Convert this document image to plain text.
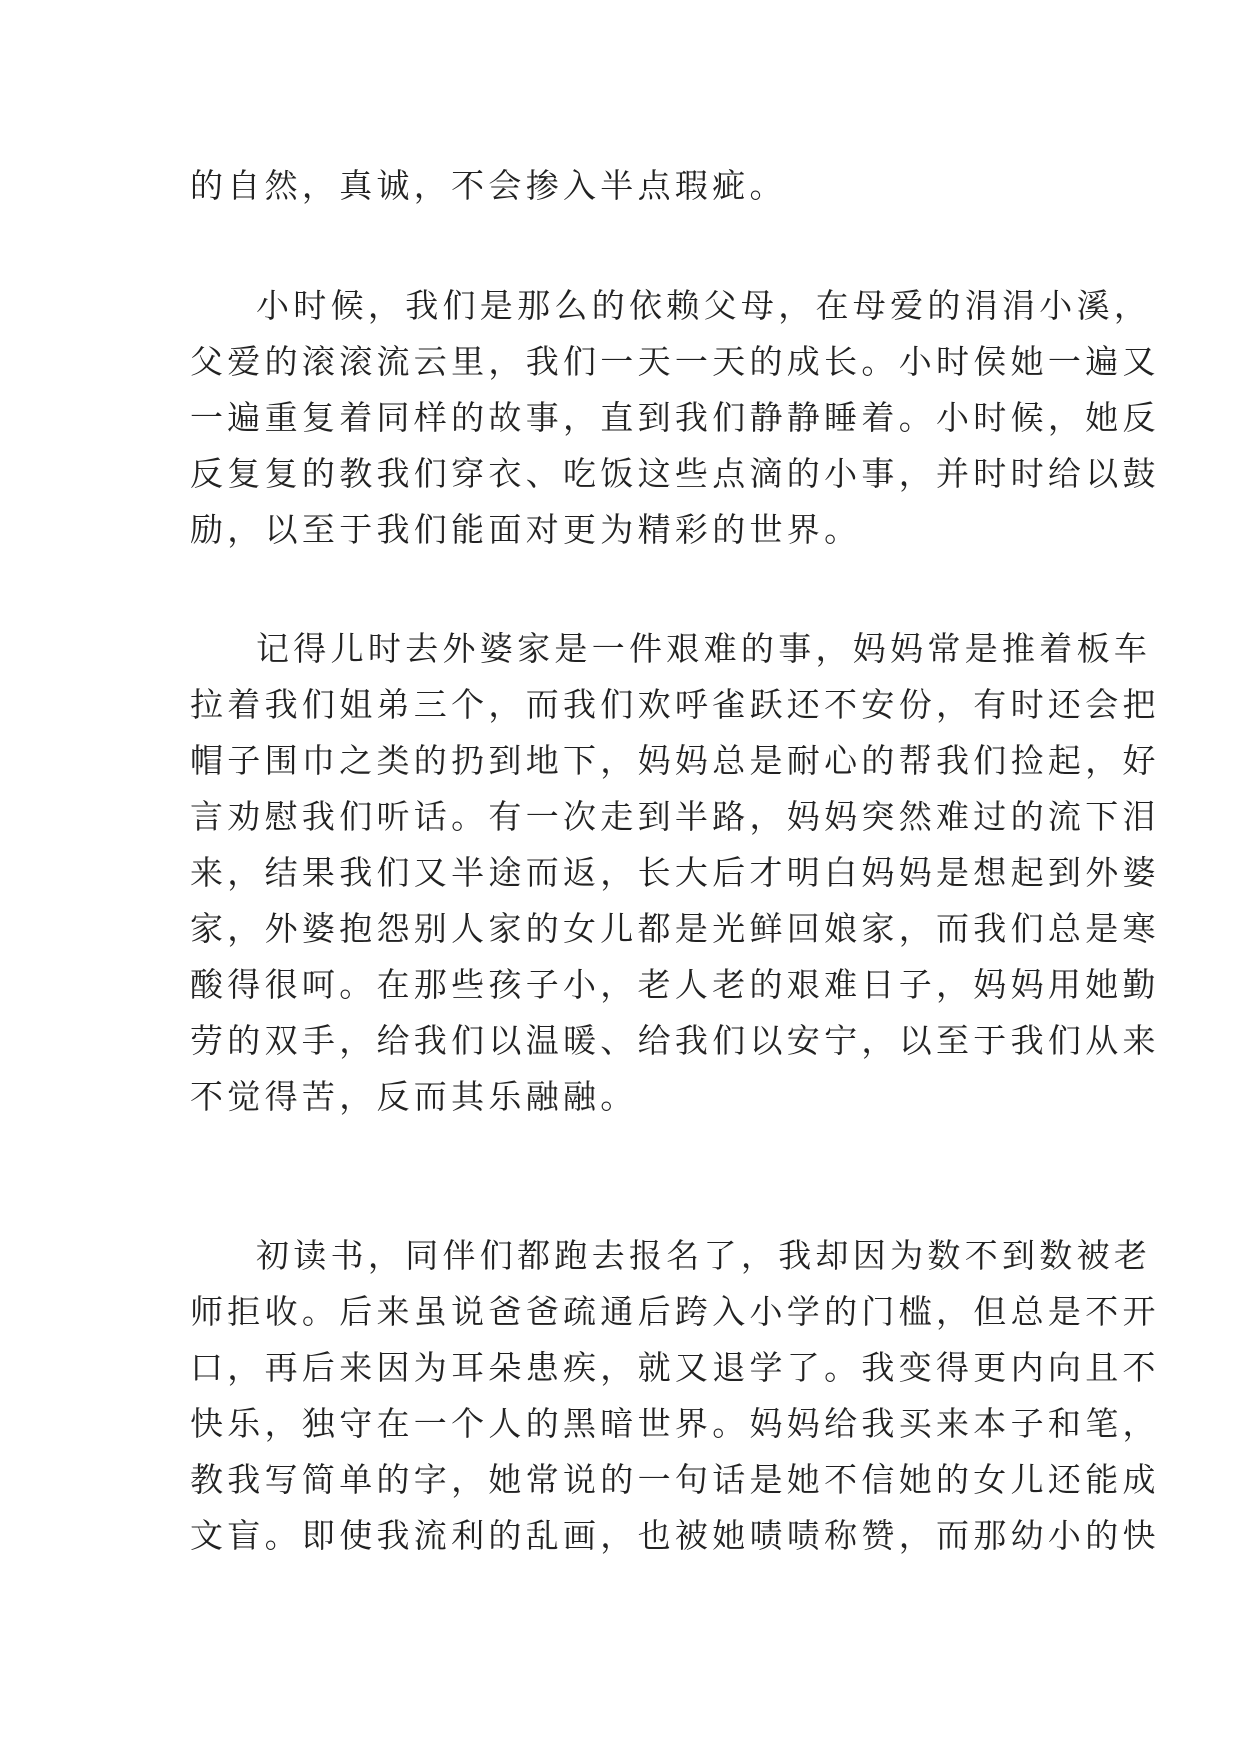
的自然，真诚，不会掺入半点瑕疵。
小时候，我们是那么的依赖父母，在母爱的涓涓小溪，
父爱的滚滚流云里，我们一天一天的成长。小时侯她一遍又
一遍重复着同样的故事，直到我们静静睡着。小时候，她反
反复复的教我们穿衣、吃饭这些点滴的小事，并时时给以鼓
励，以至于我们能面对更为精彩的世界。
记得儿时去外婆家是一件艰难的事，妈妈常是推着板车
拉着我们姐弟三个，而我们欢呼雀跃还不安份，有时还会把
帽子围巾之类的扔到地下，妈妈总是耐心的帮我们捡起，好
言劝慰我们听话。有一次走到半路，妈妈突然难过的流下泪
来，结果我们又半途而返，长大后才明白妈妈是想起到外婆
家，外婆抱怨别人家的女儿都是光鲜回娘家，而我们总是寒
酸得很呵。在那些孩子小，老人老的艰难日子，妈妈用她勤
劳的双手，给我们以温暖、给我们以安宁，以至于我们从来
不觉得苦，反而其乐融融。
初读书，同伴们都跑去报名了，我却因为数不到数被老
师拒收。后来虽说爸爸疏通后跨入小学的门槛，但总是不开
口，再后来因为耳朵患疾，就又退学了。我变得更内向且不
快乐，独守在一个人的黑暗世界。妈妈给我买来本子和笔，
教我写简单的字，她常说的一句话是她不信她的女儿还能成
文盲。即使我流利的乱画，也被她啧啧称赞，而那幼小的快
